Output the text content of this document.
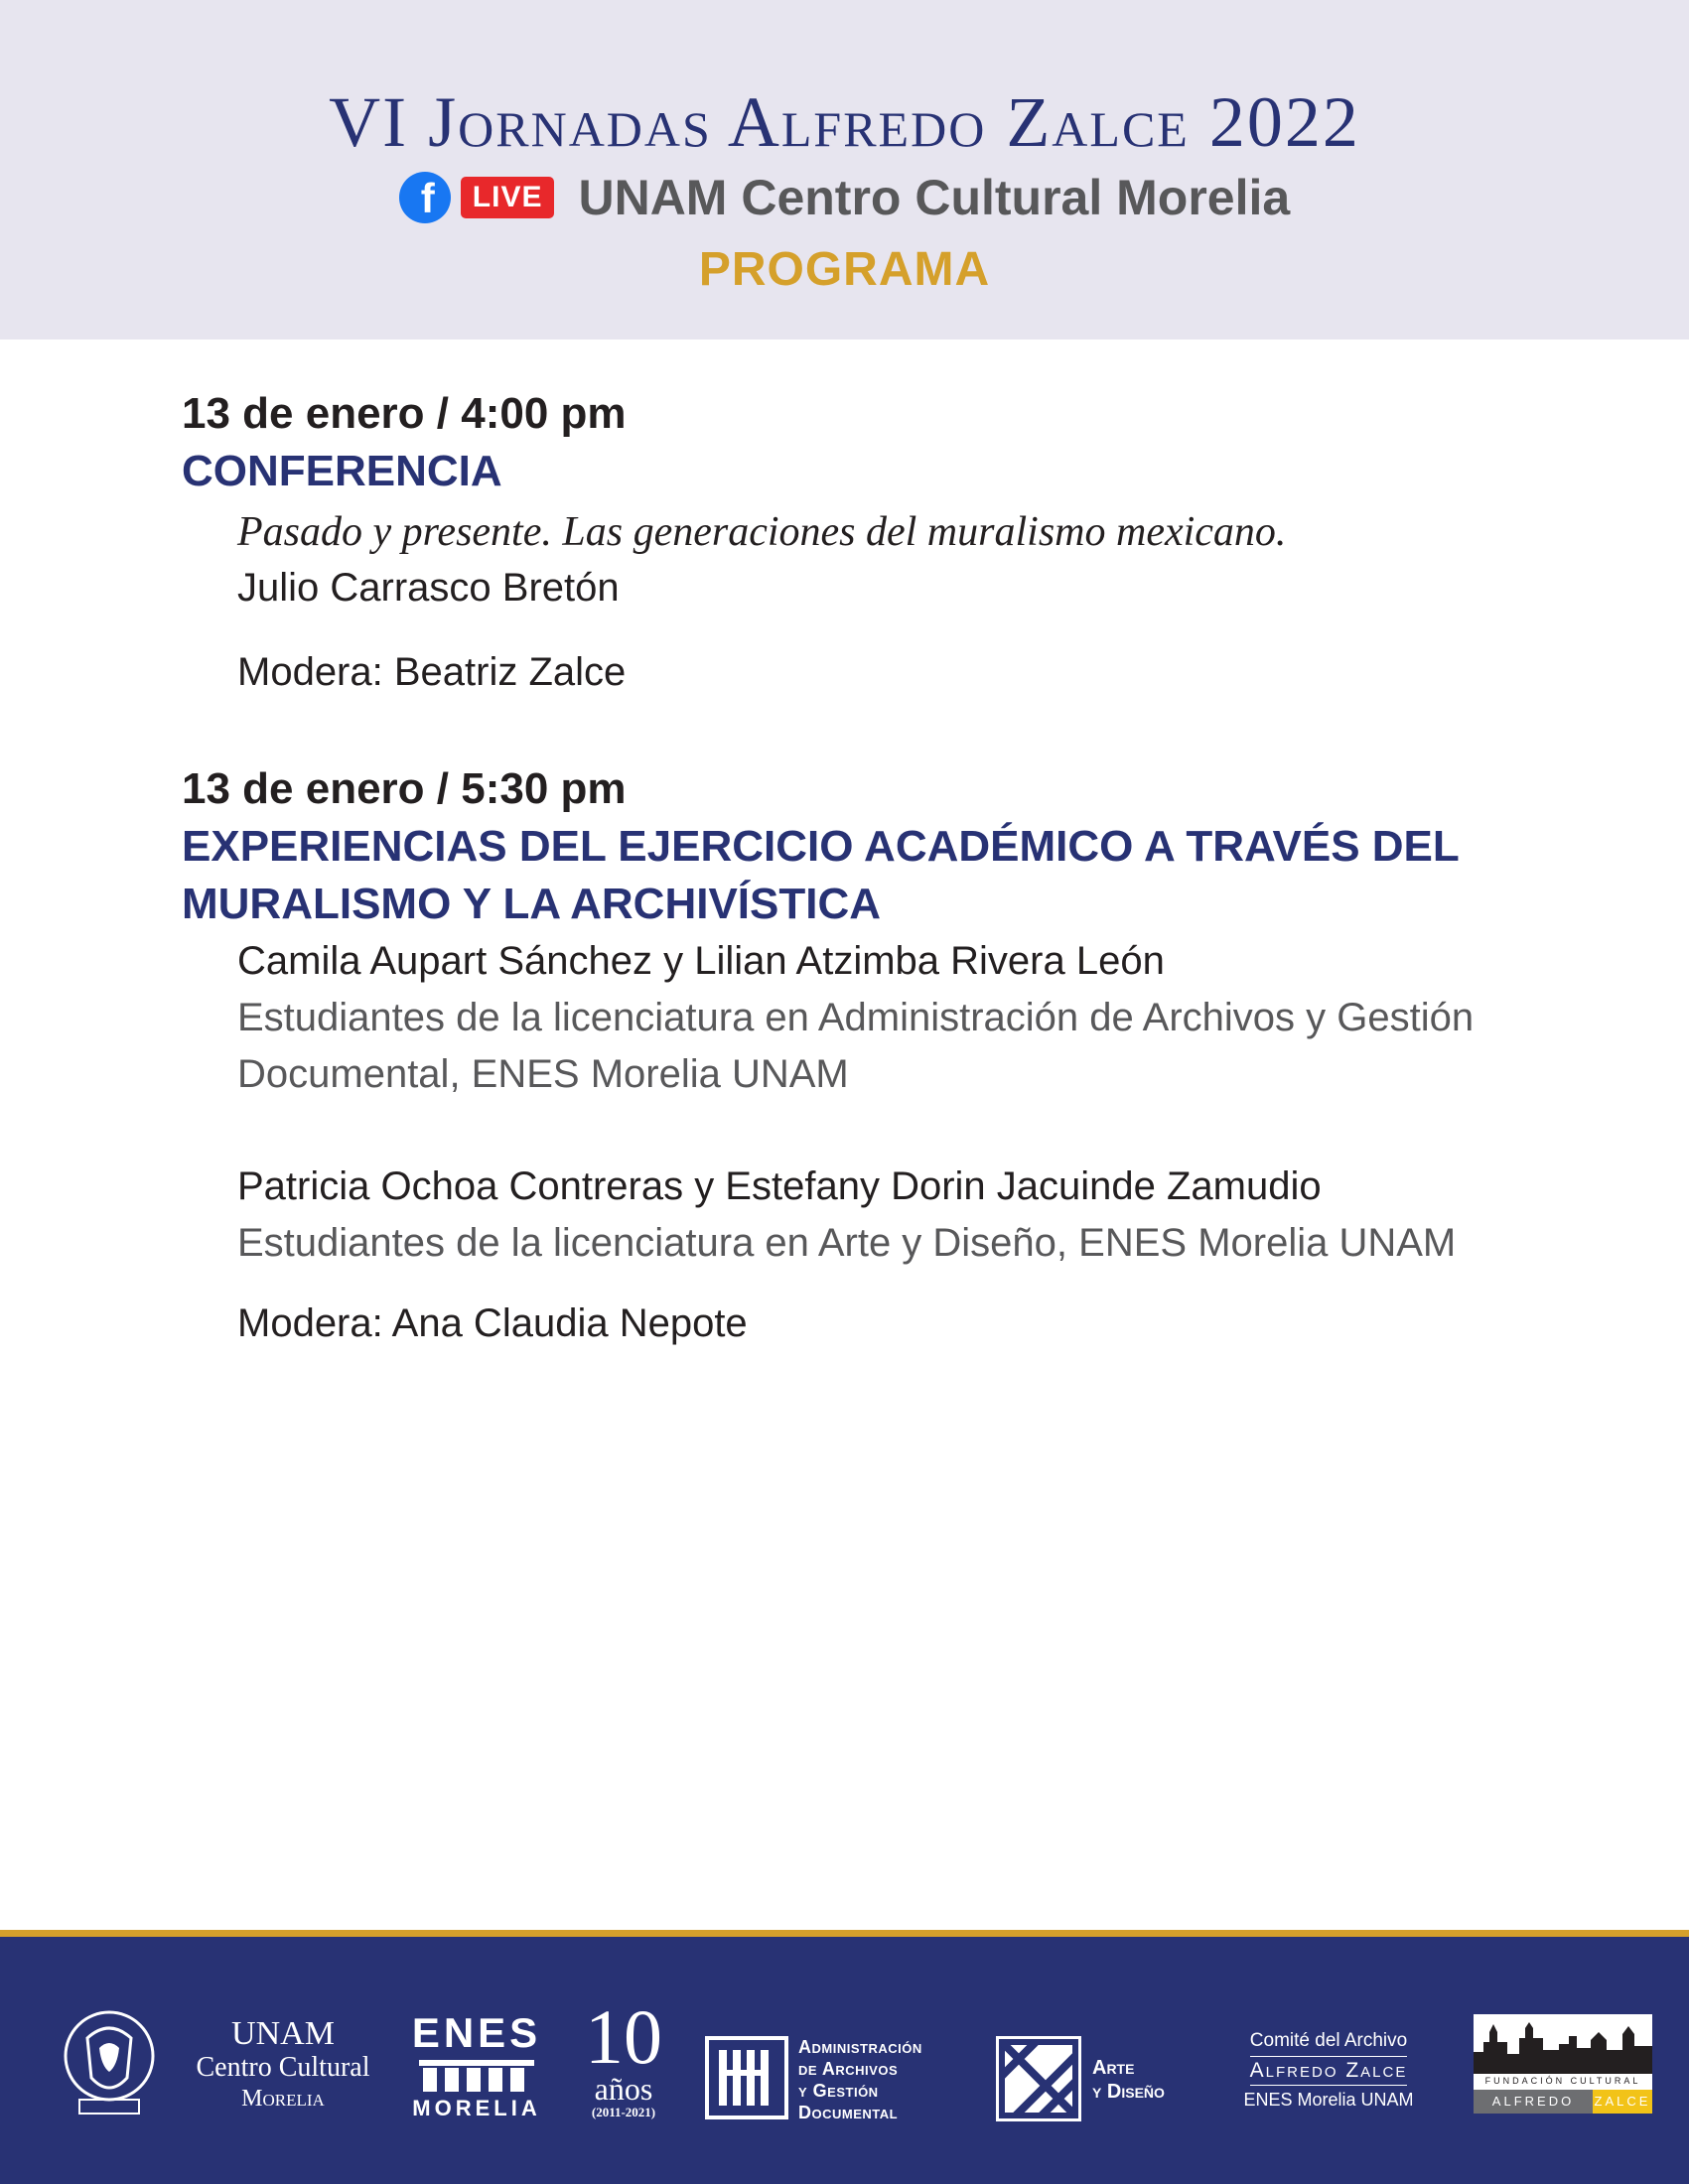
VI Jornadas Alfredo Zalce 2022
f	LIVE UNAM Centro Cultural Morelia
PROGRAMA
13 de enero / 4:00 pm
CONFERENCIA
Pasado y presente. Las generaciones del muralismo mexicano.
Julio Carrasco Bretón
Modera: Beatriz Zalce
13 de enero / 5:30 pm
EXPERIENCIAS DEL EJERCICIO ACADÉMICO A TRAVÉS DEL
MURALISMO Y LA ARCHIVÍSTICA
Camila Aupart Sánchez y Lilian Atzimba Rivera León
Estudiantes de la licenciatura en Administración de Archivos y Gestión
Documental, ENES Morelia UNAM
Patricia Ochoa Contreras y Estefany Dorin Jacuinde Zamudio
Estudiantes de la licenciatura en Arte y Diseño, ENES Morelia UNAM
Modera: Ana Claudia Nepote
UNAM
Centro Cultural
Morelia
ENES
MORELIA
10
años
(2011-2021)
Administración
de Archivos
y Gestión
Documental
Arte
y Diseño
Comité del Archivo
Alfredo Zalce
ENES Morelia UNAM
FUNDACIÓN CULTURAL
ALFREDO	ZALCE
